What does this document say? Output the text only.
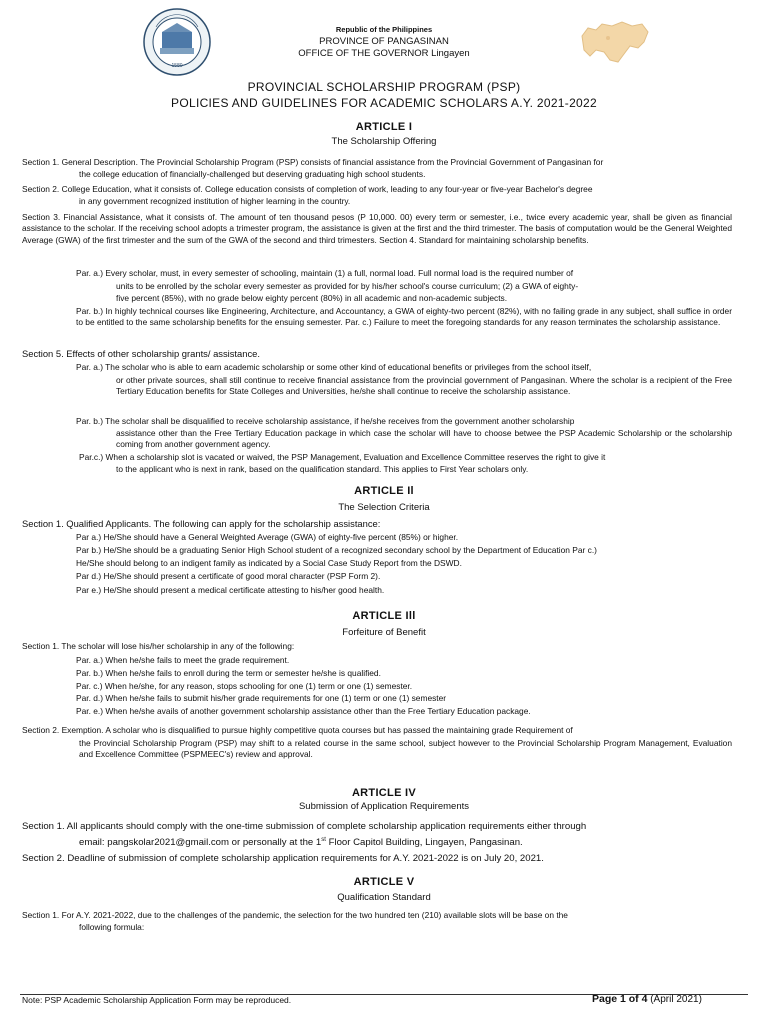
1580
Republic of the Philippines
PROVINCE OF PANGASINAN
OFFICE OF THE GOVERNOR Lingayen
PROVINCIAL SCHOLARSHIP PROGRAM (PSP)
POLICIES AND GUIDELINES FOR ACADEMIC SCHOLARS A.Y. 2021-2022
ARTICLE I
The Scholarship Offering
Section 1. General Description. The Provincial Scholarship Program (PSP) consists of financial assistance from the Provincial Government of Pangasinan for
the college education of financially-challenged but deserving graduating high school students.
Section 2. College Education, what it consists of. College education consists of completion of work, leading to any four-year or five-year Bachelor's degree
in any government recognized institution of higher learning in the country.
Section 3. Financial Assistance, what it consists of. The amount of ten thousand pesos (P 10,000. 00) every term or semester, i.e., twice every academic year, shall be given as financial assistance to the scholar. If the receiving school adopts a trimester program, the assistance is given at the first and the third trimester. The basis of computation would be the General Weighted Average (GWA) of the first trimester and the sum of the GWA of the second and third trimesters. Section 4. Standard for maintaining scholarship benefits.
Par. a.) Every scholar, must, in every semester of schooling, maintain (1) a full, normal load. Full normal load is the required number of
units to be enrolled by the scholar every semester as provided for by his/her school's course curriculum; (2) a GWA of eighty-
five percent (85%), with no grade below eighty percent (80%) in all academic and non-academic subjects.
Par. b.) In highly technical courses like Engineering, Architecture, and Accountancy, a GWA of eighty-two percent (82%), with no failing grade in any subject, shall suffice in order to be entitled to the same scholarship benefits for the ensuing semester. Par. c.) Failure to meet the foregoing standards for any reason terminates the scholarship assistance.
Section 5. Effects of other scholarship grants/ assistance.
Par. a.) The scholar who is able to earn academic scholarship or some other kind of educational benefits or privileges from the school itself,
or other private sources, shall still continue to receive financial assistance from the provincial government of Pangasinan. Where the scholar is a recipient of the Free Tertiary Education benefits for State Colleges and Universities, he/she shall continue to receive the scholarship assistance.
Par. b.) The scholar shall be disqualified to receive scholarship assistance, if he/she receives from the government another scholarship
assistance other than the Free Tertiary Education package in which case the scholar will have to choose betwee the PSP Academic Scholarship or the scholarship coming from another government agency.
Par.c.) When a scholarship slot is vacated or waived, the PSP Management, Evaluation and Excellence Committee reserves the right to give it
to the applicant who is next in rank, based on the qualification standard. This applies to First Year scholars only.
ARTICLE Il
The Selection Criteria
Section 1. Qualified Applicants. The following can apply for the scholarship assistance:
Par a.) He/She should have a General Weighted Average (GWA) of eighty-five percent (85%) or higher.
Par b.) He/She should be a graduating Senior High School student of a recognized secondary school by the Department of Education Par c.)
He/She should belong to an indigent family as indicated by a Social Case Study Report from the DSWD.
Par d.) He/She should present a certificate of good moral character (PSP Form 2).
Par e.) He/She should present a medical certificate attesting to his/her good health.
ARTICLE Ill
Forfeiture of Benefit
Section 1. The scholar will lose his/her scholarship in any of the following:
Par. a.) When he/she fails to meet the grade requirement.
Par. b.) When he/she fails to enroll during the term or semester he/she is qualified.
Par. c.) When he/she, for any reason, stops schooling for one (1) term or one (1) semester.
Par. d.) When he/she fails to submit his/her grade requirements for one (1) term or one (1) semester
Par. e.) When he/she avails of another government scholarship assistance other than the Free Tertiary Education package.
Section 2. Exemption. A scholar who is disqualified to pursue highly competitive quota courses but has passed the maintaining grade Requirement of
the Provincial Scholarship Program (PSP) may shift to a related course in the same school, subject however to the Provincial Scholarship Program Management, Evaluation and Excellence Committee (PSPMEEC's) review and approval.
ARTICLE IV
Submission of Application Requirements
Section 1. All applicants should comply with the one-time submission of complete scholarship application requirements either through
email: pangskolar2021@gmail.com or personally at the 1st Floor Capitol Building, Lingayen, Pangasinan.
Section 2. Deadline of submission of complete scholarship application requirements for A.Y. 2021-2022 is on July 20, 2021.
ARTICLE V
Qualification Standard
Section 1. For A.Y. 2021-2022, due to the challenges of the pandemic, the selection for the two hundred ten (210) available slots will be base on the
following formula:
Note: PSP Academic Scholarship Application Form may be reproduced.	Page 1 of 4 (April 2021)
